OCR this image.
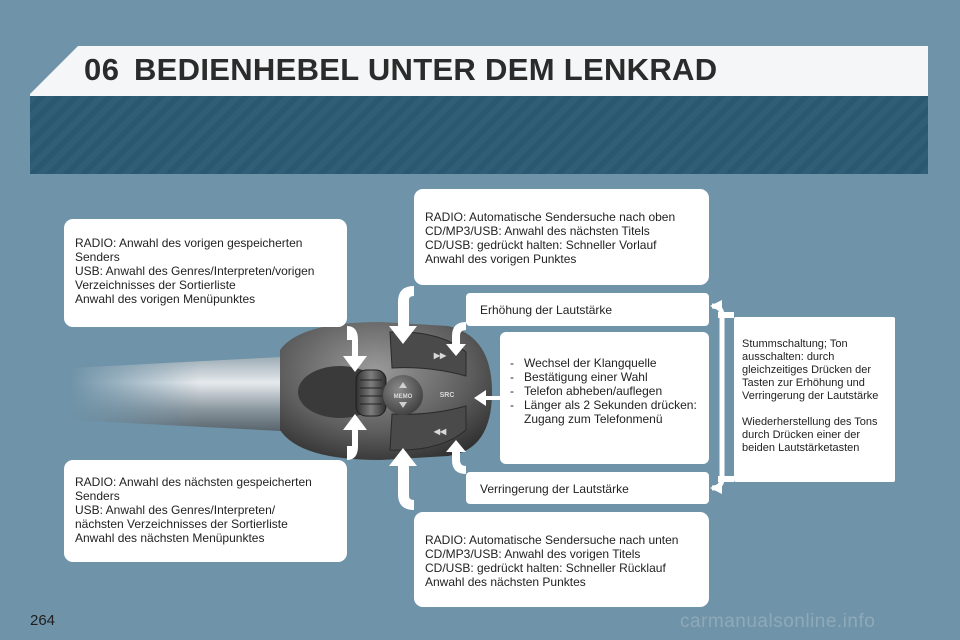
06 BEDIENHEBEL UNTER DEM LENKRAD
MEMO	SRC
▶▶
◀◀

RADIO: Anwahl des vorigen gespeicherten

Senders

USB: Anwahl des Genres/Interpreten/vorigen

Verzeichnisses der Sortierliste

Anwahl des vorigen Menüpunktes

RADIO: Anwahl des nächsten gespeicherten

Senders

USB: Anwahl des Genres/Interpreten/

nächsten Verzeichnisses der Sortierliste

Anwahl des nächsten Menüpunktes

RADIO: Automatische Sendersuche nach oben

CD/MP3/USB: Anwahl des nächsten Titels

CD/USB: gedrückt halten: Schneller Vorlauf

Anwahl des vorigen Punktes

RADIO: Automatische Sendersuche nach unten

CD/MP3/USB: Anwahl des vorigen Titels

CD/USB: gedrückt halten: Schneller Rücklauf

Anwahl des nächsten Punktes

Erhöhung der Lautstärke

Verringerung der Lautstärke

- Wechsel der Klangquelle
- Bestätigung einer Wahl
- Telefon abheben/auflegen
- Länger als 2 Sekunden drücken: Zugang zum Telefonmenü

Stummschaltung; Ton ausschalten: durch gleichzeitiges Drücken der Tasten zur Erhöhung und Verringerung der Lautstärke

Wiederherstellung des Tons durch Drücken einer der beiden Lautstärketasten

264	carmanualsonline.info
